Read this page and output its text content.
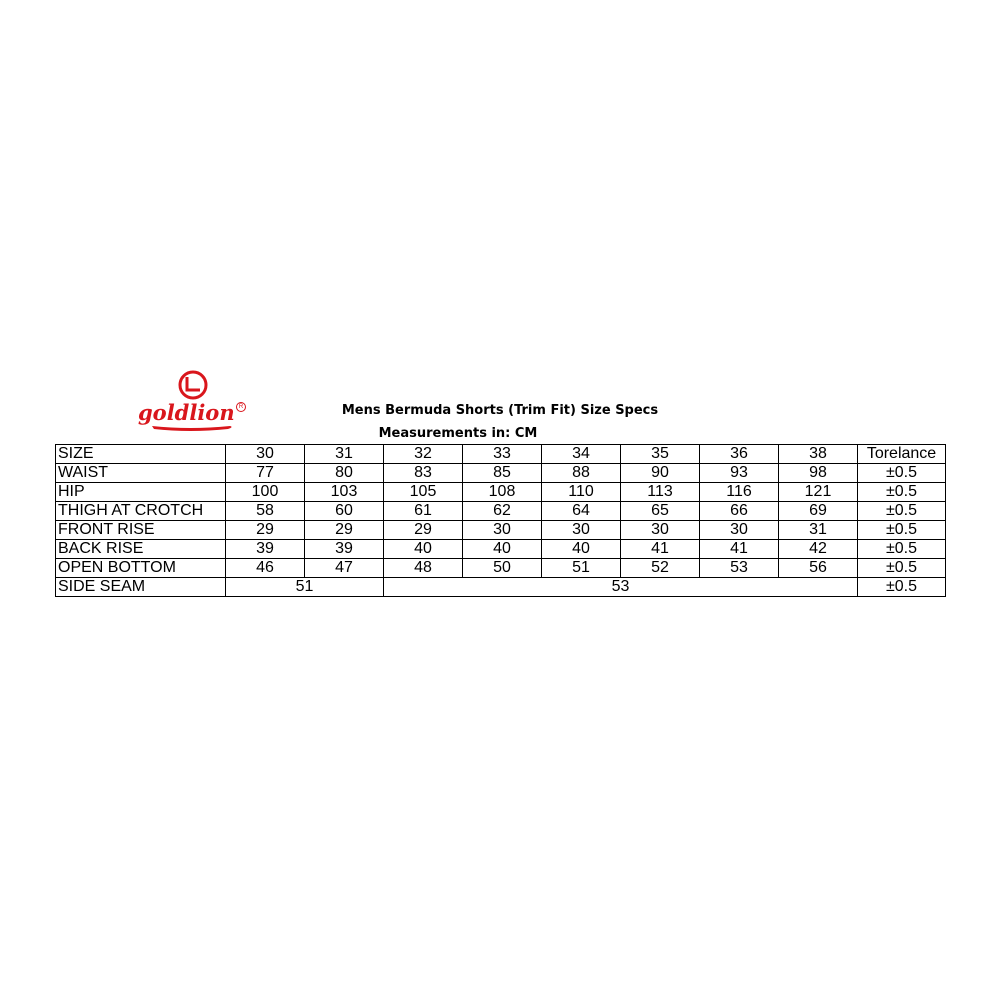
goldlion R	Mens Bermuda Shorts (Trim Fit) Size Specs
Measurements in: CM
SIZE	30	31	32	33	34	35	36	38	Torelance
WAIST	77	80	83	85	88	90	93	98	±0.5
HIP	100	103	105	108	110	113	116	121	±0.5
THIGH AT CROTCH	58	60	61	62	64	65	66	69	±0.5
FRONT RISE	29	29	29	30	30	30	30	31	±0.5
BACK RISE	39	39	40	40	40	41	41	42	±0.5
OPEN BOTTOM	46	47	48	50	51	52	53	56	±0.5
SIDE SEAM	51		53						±0.5
